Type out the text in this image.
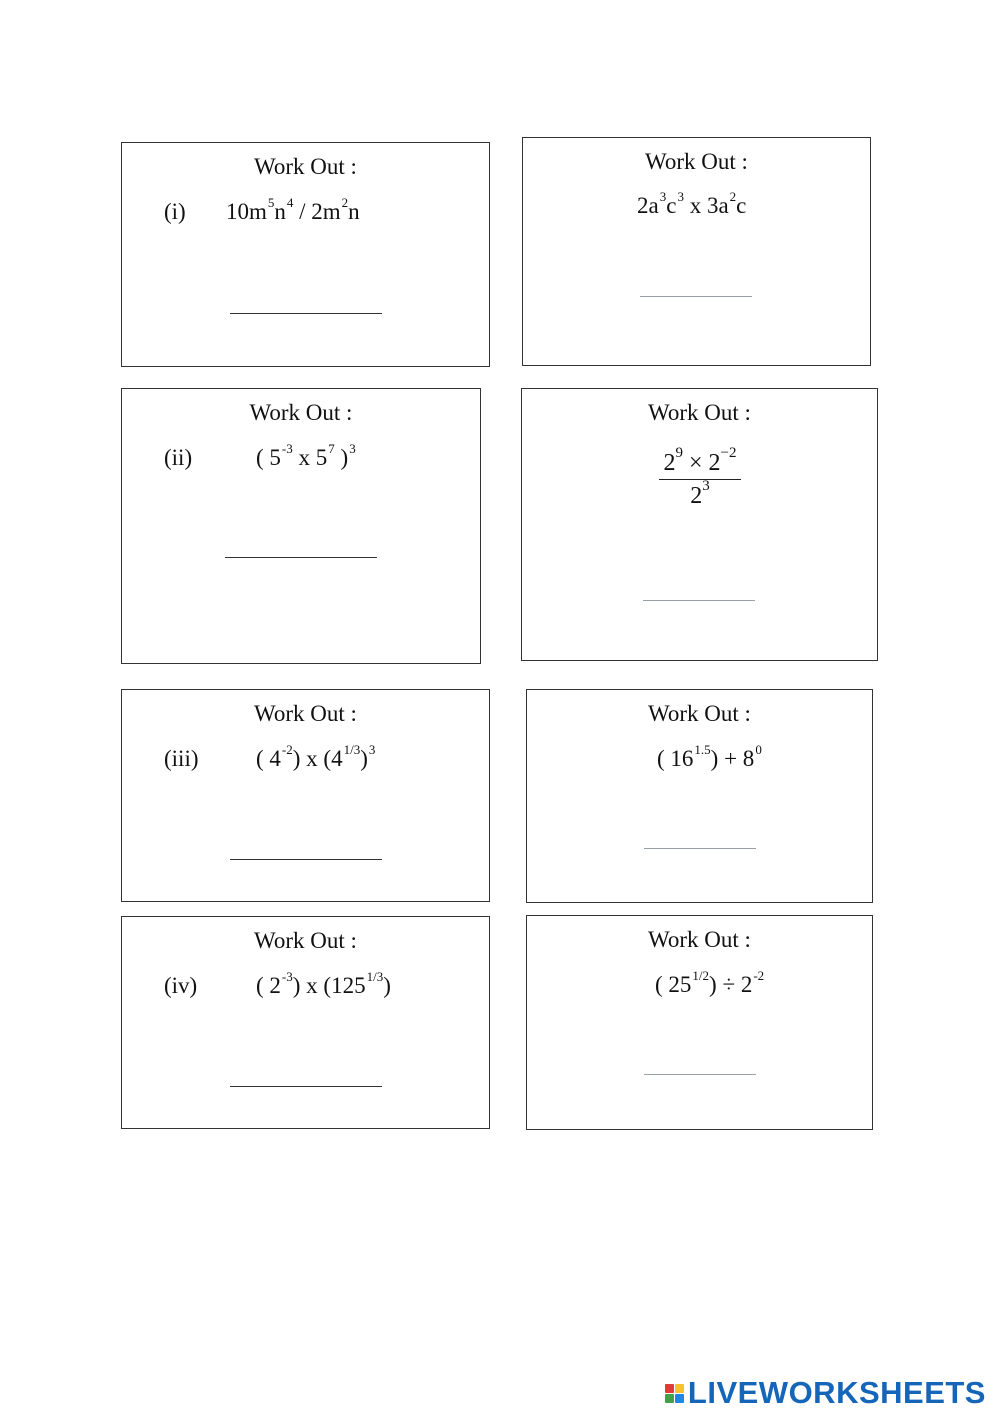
Work Out :
(i) $10m^5n^4 / 2m^2n$
Work Out :
$2a^3c^3$ x $3a^2c$
Work Out :
(ii)	( $5^{-3}$ x $5^7$ )$^3$
Work Out :
$\frac{2^9 \times 2^{-2}}{2^3}$
Work Out :
(iii)	( $4^{-2}$) x $(4^{1/3})^3$
Work Out :
( $16^{1.5}) + 8^0$
Work Out :
(iv)	( $2^{-3}$) x $(125^{1/3})$
Work Out :
( $25^{1/2}) \div 2^{-2}$
LIVEWORKSHEETS
